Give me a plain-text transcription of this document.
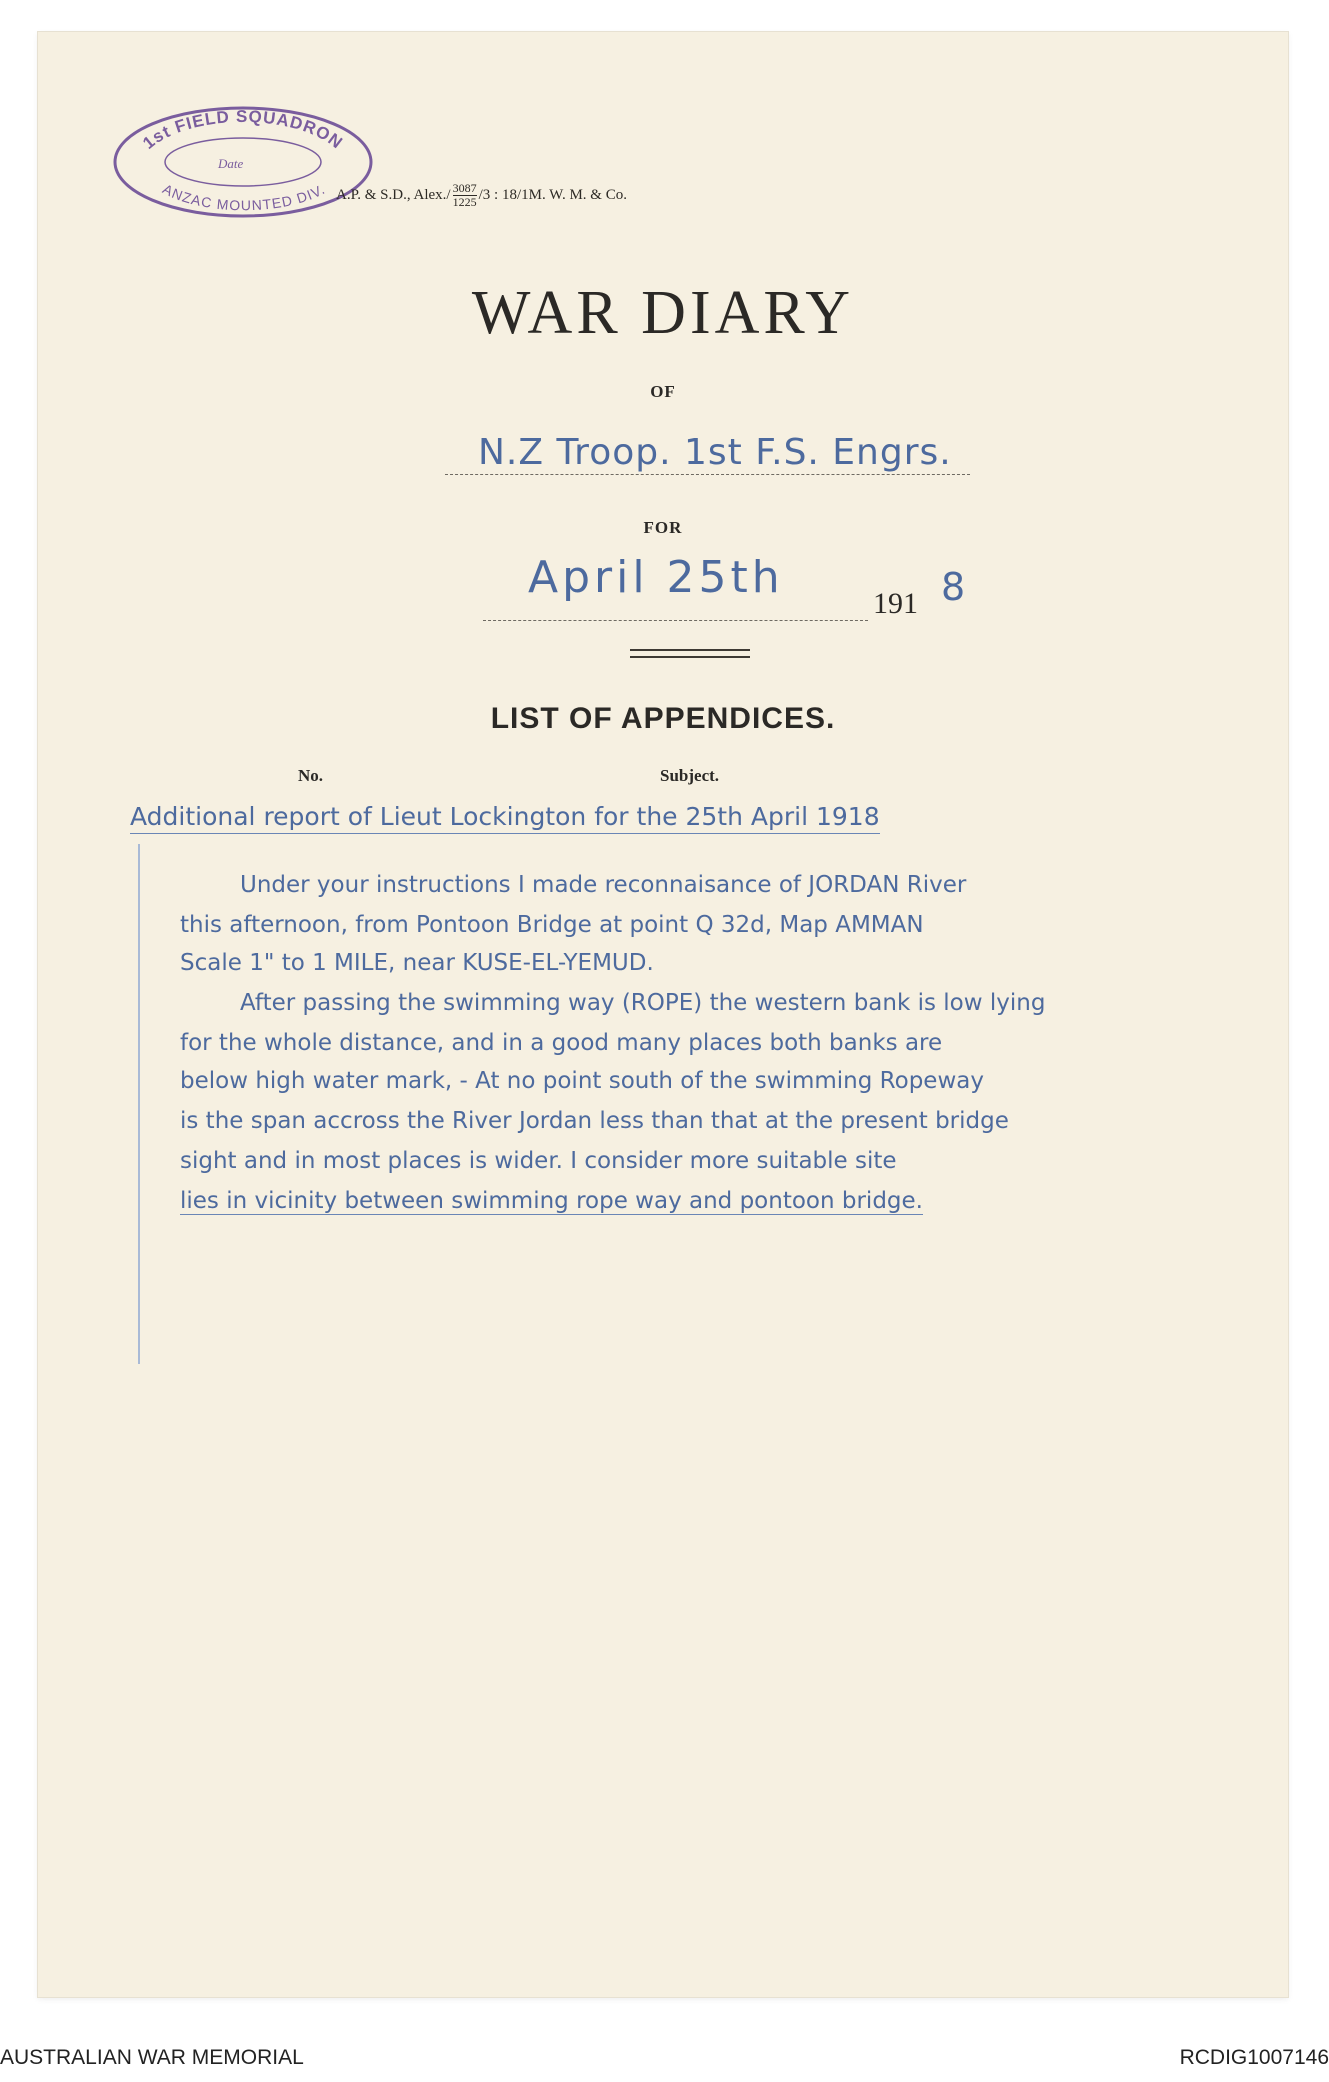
1st FIELD SQUADRON
Date
ANZAC MOUNTED DIV. A.P. & S.D., Alex./ $\frac{3087}{1225} /3$ : 18/1M. W. M. & Co.
WAR DIARY
OF
N.Z Troop. 1st F.S. Engrs.
FOR
April 25th
191 8
LIST OF APPENDICES.
No.	Subject.
Additional report of Lieut Lockington for the 25th April 1918
Under your instructions I made reconnaisance of JORDAN River
this afternoon, from Pontoon Bridge at point Q 32d, Map AMMAN
Scale 1" to 1 MILE, near KUSE-EL-YEMUD.
After passing the swimming way (ROPE) the western bank is low lying
for the whole distance, and in a good many places both banks are
below high water mark, - At no point south of the swimming Ropeway
is the span accross the River Jordan less than that at the present bridge
sight and in most places is wider. I consider more suitable site
lies in vicinity between swimming rope way and pontoon bridge.
AUSTRALIAN WAR MEMORIAL	RCDIG1007146
